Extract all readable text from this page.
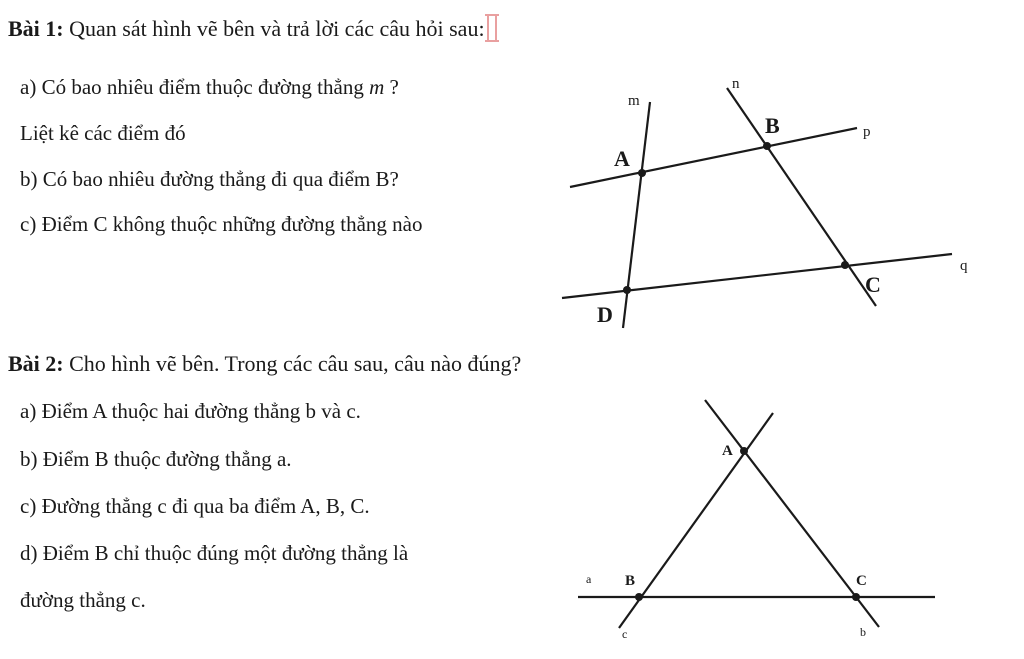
Bài 1: Quan sát hình vẽ bên và trả lời các câu hỏi sau:
a) Có bao nhiêu điểm thuộc đường thẳng m ?
Liệt kê các điểm đó
b) Có bao nhiêu đường thẳng đi qua điểm B?
c) Điểm C không thuộc những đường thẳng nào
Bài 2: Cho hình vẽ bên. Trong các câu sau, câu nào đúng?
a) Điểm A thuộc hai đường thẳng b và c.
b) Điểm B thuộc đường thẳng a.
c) Đường thẳng c đi qua ba điểm A, B, C.
d) Điểm B chỉ thuộc đúng một đường thẳng là
đường thẳng c.
A
B
C
D
m
n
p
q
A
B	C
a
b
c
